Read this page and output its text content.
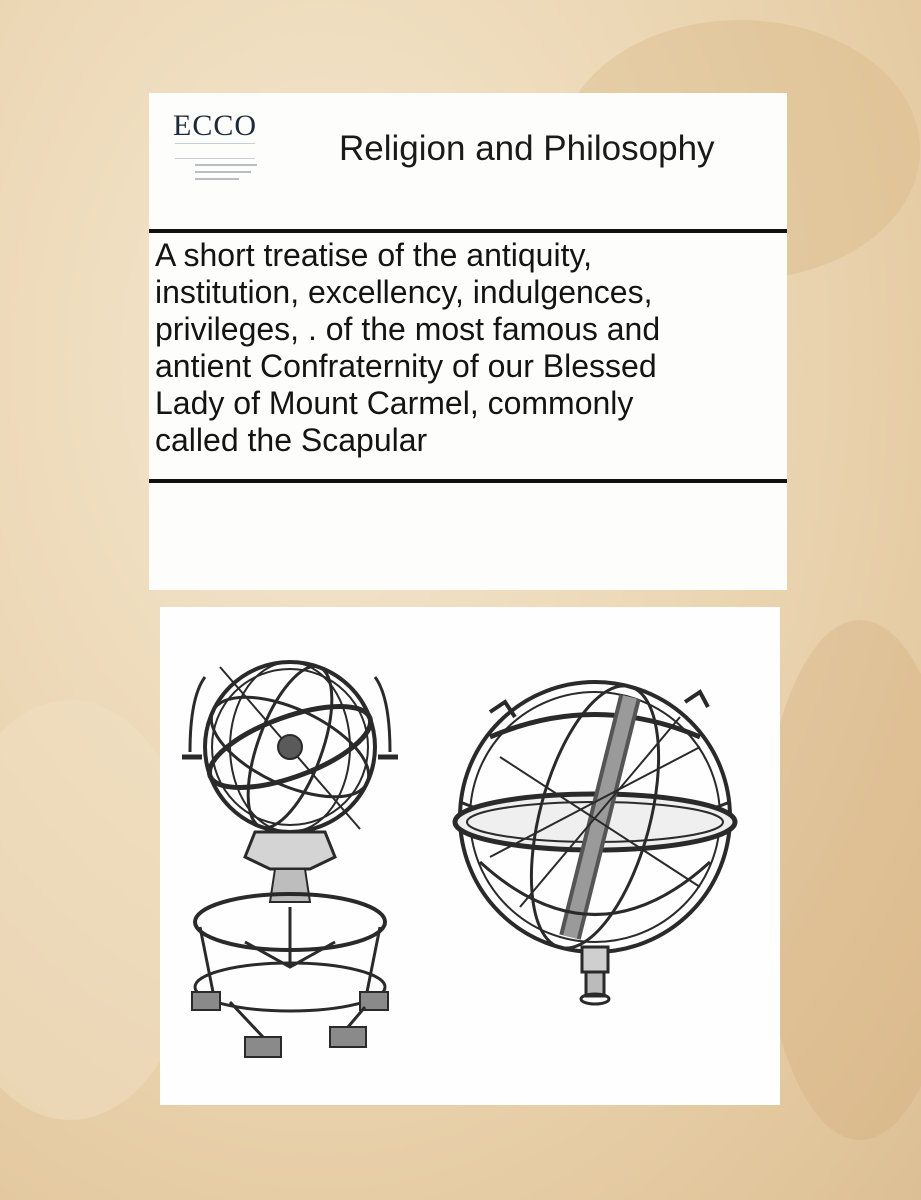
ECCO
Religion and Philosophy
A short treatise of the antiquity,
institution, excellency, indulgences,
privileges, . of the most famous and
antient Confraternity of our Blessed
Lady of Mount Carmel, commonly
called the Scapular
